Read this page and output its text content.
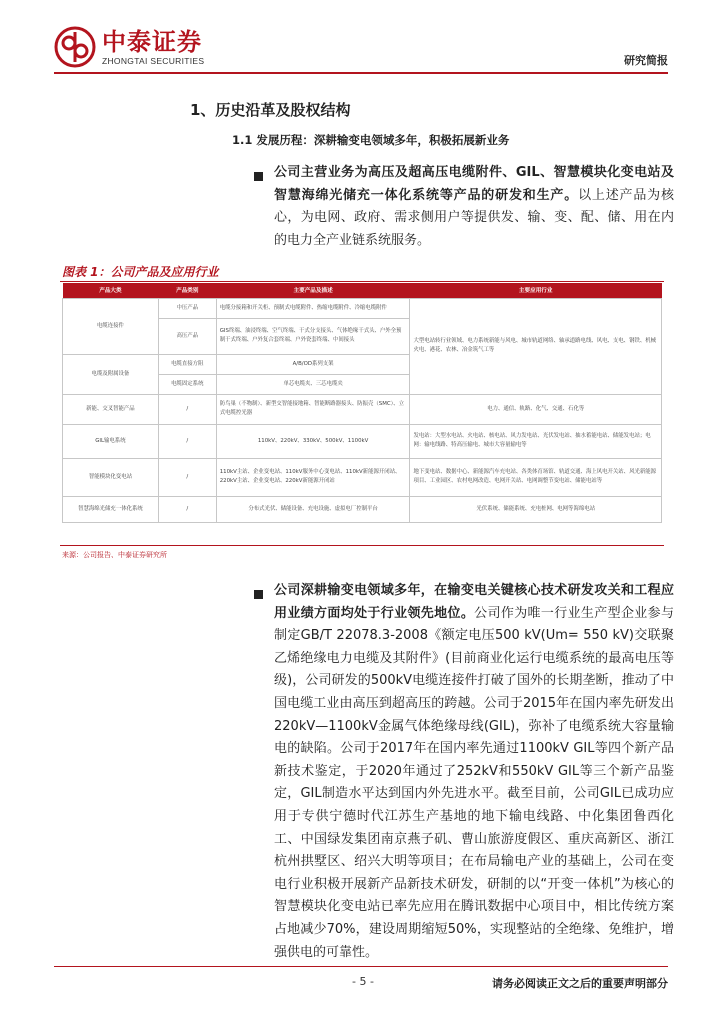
中泰证券
ZHONGTAI SECURITIES	研究简报
1、历史沿革及股权结构
1.1 发展历程：深耕输变电领域多年，积极拓展新业务
公司主营业务为高压及超高压电缆附件、GIL、智慧模块化变电站及智慧海绵光储充一体化系统等产品的研发和生产。以上述产品为核心，为电网、政府、需求侧用户等提供发、输、变、配、储、用在内的电力全产业链系统服务。
图表 1：公司产品及应用行业
产品大类	产品类别	主要产品及描述	主要应用行业
电缆连接件	中压产品	电缆分接箱和开关柜、预制式电缆附件、热缩电缆附件、冷缩电缆附件	大型电站转行业领域、电力系统新能与风电、城市轨道网络、轴承道路电线、风电、支电、钢铁、机械火电、港花、农林、冶金筑气工等
	高压产品	GIS终端、油浸终端、空气终端、干式分支接头、气体绝缘干式头、户外全预制干式终端、户外复合套终端、户外瓷套终端、中间接头	
电缆及附属设备	电缆直接方阻	A/B/OD系列支架	
	电缆固定系统	单芯电缆夹、三芯电缆夹	
新能、交叉智能产品	/	防鸟巢（不物制）、新型交智能接地箱、智能断路器接头、防振壳（SMC）、立式电缆控光器	电力、通信、轨路、化气、交通、石化等
GIL输电系统	/	110kV、220kV、330kV、500kV、1100kV	发电站：大型水电站、火电站、核电站、风力发电站、光伏发电站、抽水蓄能电站、储能发电站；电网：输电线路、特高压输电、城市大容量输电等
智能模块化变电站	/	110kV主站、企业变电站、110kV服务中心变电站、110kV新能源开闭站、220kV主站、企业变电站、220kV新能源开闭站	地下变电站、数据中心、新能源汽车充电站、各类体育场馆、轨道交通、海上风电开关站、风光新能源项目、工业园区、农村电网改造、电网开关站、电网调整节变电站、储能电站等
智慧海绵光储充一体化系统	/	分布式光伏、储能设备、充电设施、虚拟电厂控制平台	光伏系统、储能系统、充电桩网、电网等海绵电站
来源：公司报告、中泰证券研究所
公司深耕输变电领域多年，在输变电关键核心技术研发攻关和工程应用业绩方面均处于行业领先地位。公司作为唯一行业生产型企业参与制定GB/T 22078.3-2008《额定电压500 kV(Um= 550 kV)交联聚乙烯绝缘电力电缆及其附件》(目前商业化运行电缆系统的最高电压等级)，公司研发的500kV电缆连接件打破了国外的长期垄断，推动了中国电缆工业由高压到超高压的跨越。公司于2015年在国内率先研发出220kV—1100kV金属气体绝缘母线(GIL)，弥补了电缆系统大容量输电的缺陷。公司于2017年在国内率先通过1100kV GIL等四个新产品新技术鉴定，于2020年通过了252kV和550kV GIL等三个新产品鉴定，GIL制造水平达到国内外先进水平。截至目前，公司GIL已成功应用于专供宁德时代江苏生产基地的地下输电线路、中化集团鲁西化工、中国绿发集团南京燕子矶、曹山旅游度假区、重庆高新区、浙江杭州拱墅区、绍兴大明等项目；在布局输电产业的基础上，公司在变电行业积极开展新产品新技术研发，研制的以“开变一体机”为核心的智慧模块化变电站已率先应用在腾讯数据中心项目中，相比传统方案占地减少70%，建设周期缩短50%，实现整站的全绝缘、免维护，增强供电的可靠性。
- 5 -	请务必阅读正文之后的重要声明部分
